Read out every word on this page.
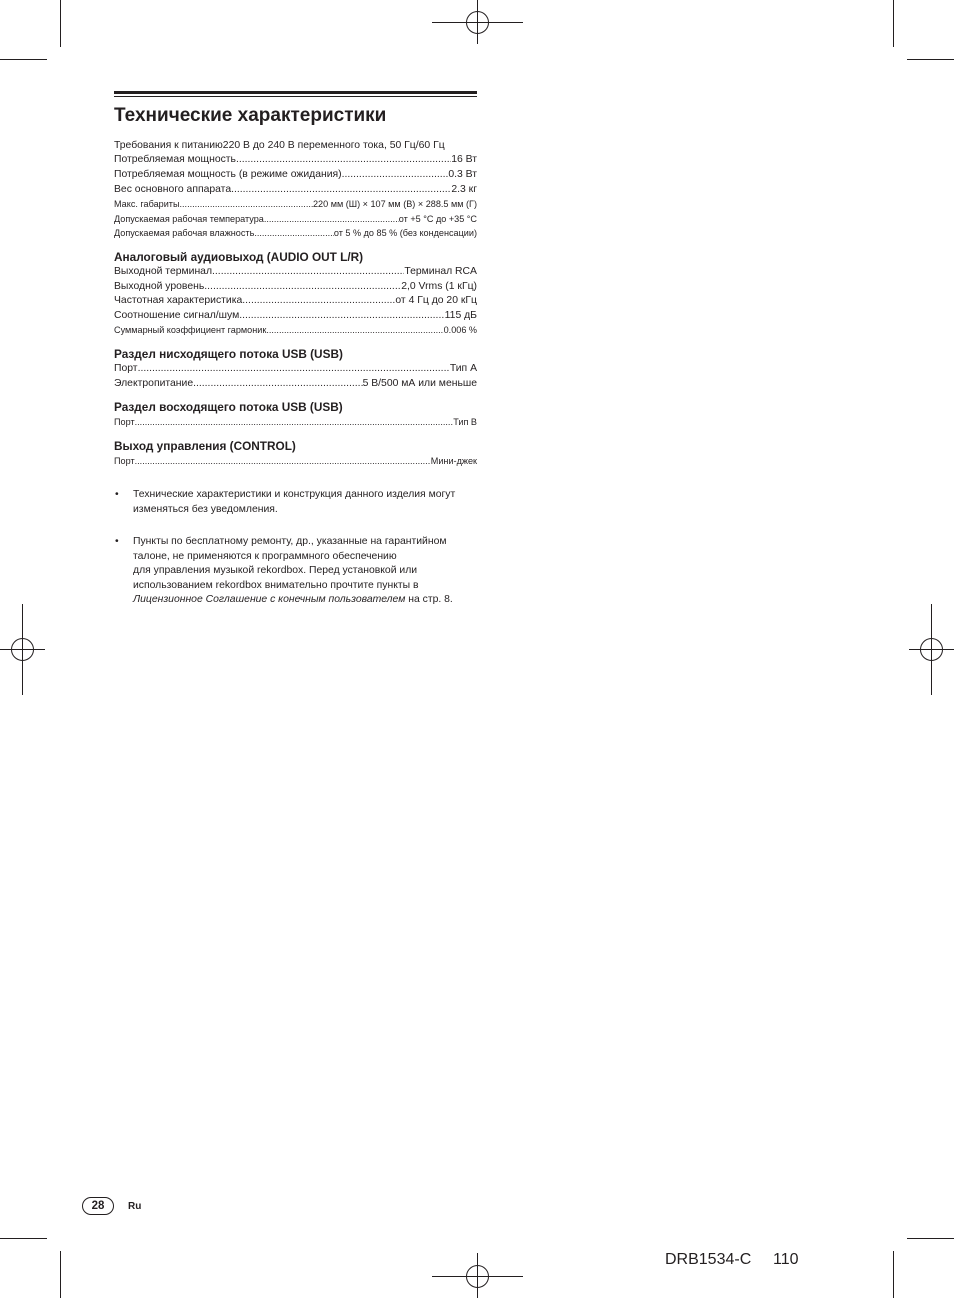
Технические характеристики
Требования к питанию 220 В до 240 В переменного тока, 50 Гц/60 Гц
Потребляемая мощность .....	16 Вт
Потребляемая мощность (в режиме ожидания) .....	0.3 Вт
Вес основного аппарата .....	2.3 кг
Макс. габариты .....	220 мм (Ш) × 107 мм (В) × 288.5 мм (Г)
Допускаемая рабочая температура .....	от +5 °C до +35 °C
Допускаемая рабочая влажность .....	от 5 % до 85 % (без конденсации)
Аналоговый аудиовыход (AUDIO OUT L/R)
Выходной терминал .....	Терминал RCA
Выходной уровень .....	2,0 Vrms (1 кГц)
Частотная характеристика .....	от 4 Гц до 20 кГц
Соотношение сигнал/шум .....	115 дБ
Суммарный коэффициент гармоник .....	0.006 %
Раздел нисходящего потока USB (USB)
Порт .....	Тип A
Электропитание .....	5 В/500 мА или меньше
Раздел восходящего потока USB (USB)
Порт .....	Тип B
Выход управления (CONTROL)
Порт .....	Мини-джек
• Технические характеристики и конструкция данного изделия могут изменяться без уведомления.
• Пункты по бесплатному ремонту, др., указанные на гарантийном
талоне, не применяются к программного обеспечению
для управления музыкой rekordbox. Перед установкой или
использованием rekordbox внимательно прочтите пункты в
Лицензионное Соглашение с конечным пользователем на стр. 8.
28	Ru
DRB1534-C 110
